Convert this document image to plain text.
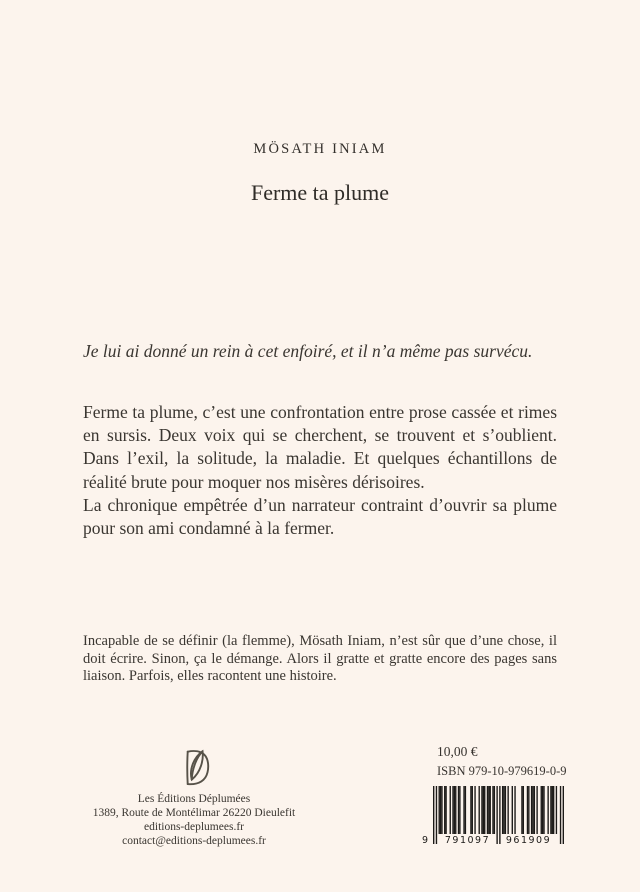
MÖSATH INIAM
Ferme ta plume
Je lui ai donné un rein à cet enfoiré, et il n’a même pas survécu.

Ferme ta plume, c’est une confrontation entre prose cassée et rimes en sursis. Deux voix qui se cherchent, se trouvent et s’oublient. Dans l’exil, la solitude, la maladie. Et quelques échantillons de réalité brute pour moquer nos misères dérisoires.

La chronique empêtrée d’un narrateur contraint d’ouvrir sa plume pour son ami condamné à la fermer.

Incapable de se définir (la flemme), Mösath Iniam, n’est sûr que d’une chose, il doit écrire. Sinon, ça le démange. Alors il gratte et gratte encore des pages sans liaison. Parfois, elles racontent une histoire.
Les Éditions Déplumées
1389, Route de Montélimar 26220 Dieulefit
editions-deplumees.fr
contact@editions-deplumees.fr
10,00 €
ISBN 979-10-979619-0-9
9	791097	961909
